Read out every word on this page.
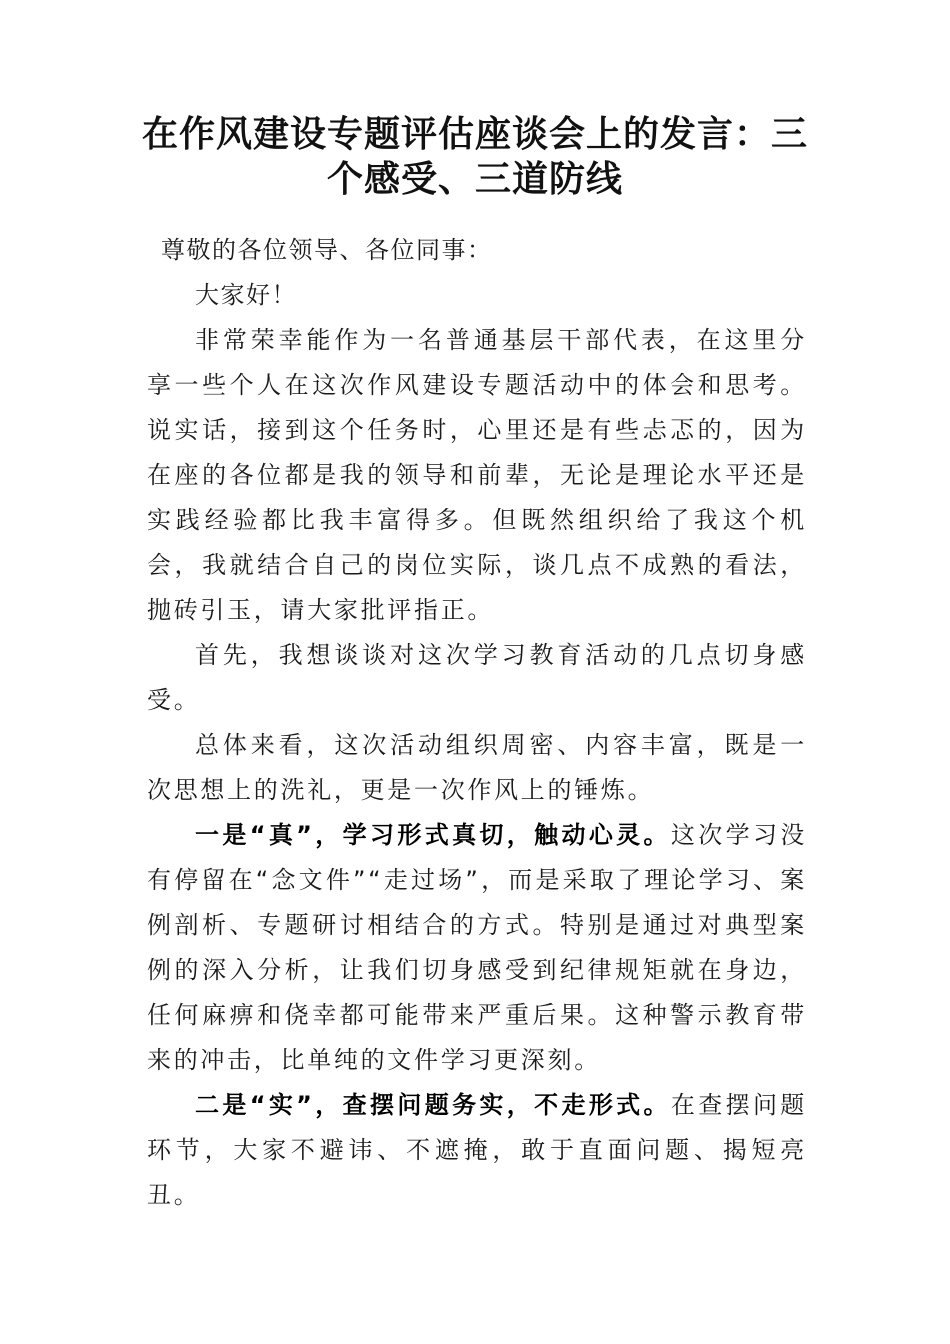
在作风建设专题评估座谈会上的发言：三
个感受、三道防线

尊敬的各位领导、各位同事：

大家好！

非常荣幸能作为一名普通基层干部代表，在这里分享一些个人在这次作风建设专题活动中的体会和思考。说实话，接到这个任务时，心里还是有些忐忑的，因为在座的各位都是我的领导和前辈，无论是理论水平还是实践经验都比我丰富得多。但既然组织给了我这个机会，我就结合自己的岗位实际，谈几点不成熟的看法，抛砖引玉，请大家批评指正。

首先，我想谈谈对这次学习教育活动的几点切身感受。

总体来看，这次活动组织周密、内容丰富，既是一次思想上的洗礼，更是一次作风上的锤炼。

一是“真”，学习形式真切，触动心灵。这次学习没有停留在“念文件”“走过场”，而是采取了理论学习、案例剖析、专题研讨相结合的方式。特别是通过对典型案例的深入分析，让我们切身感受到纪律规矩就在身边，任何麻痹和侥幸都可能带来严重后果。这种警示教育带来的冲击，比单纯的文件学习更深刻。

二是“实”，查摆问题务实，不走形式。在查摆问题环节，大家不避讳、不遮掩，敢于直面问题、揭短亮丑。
